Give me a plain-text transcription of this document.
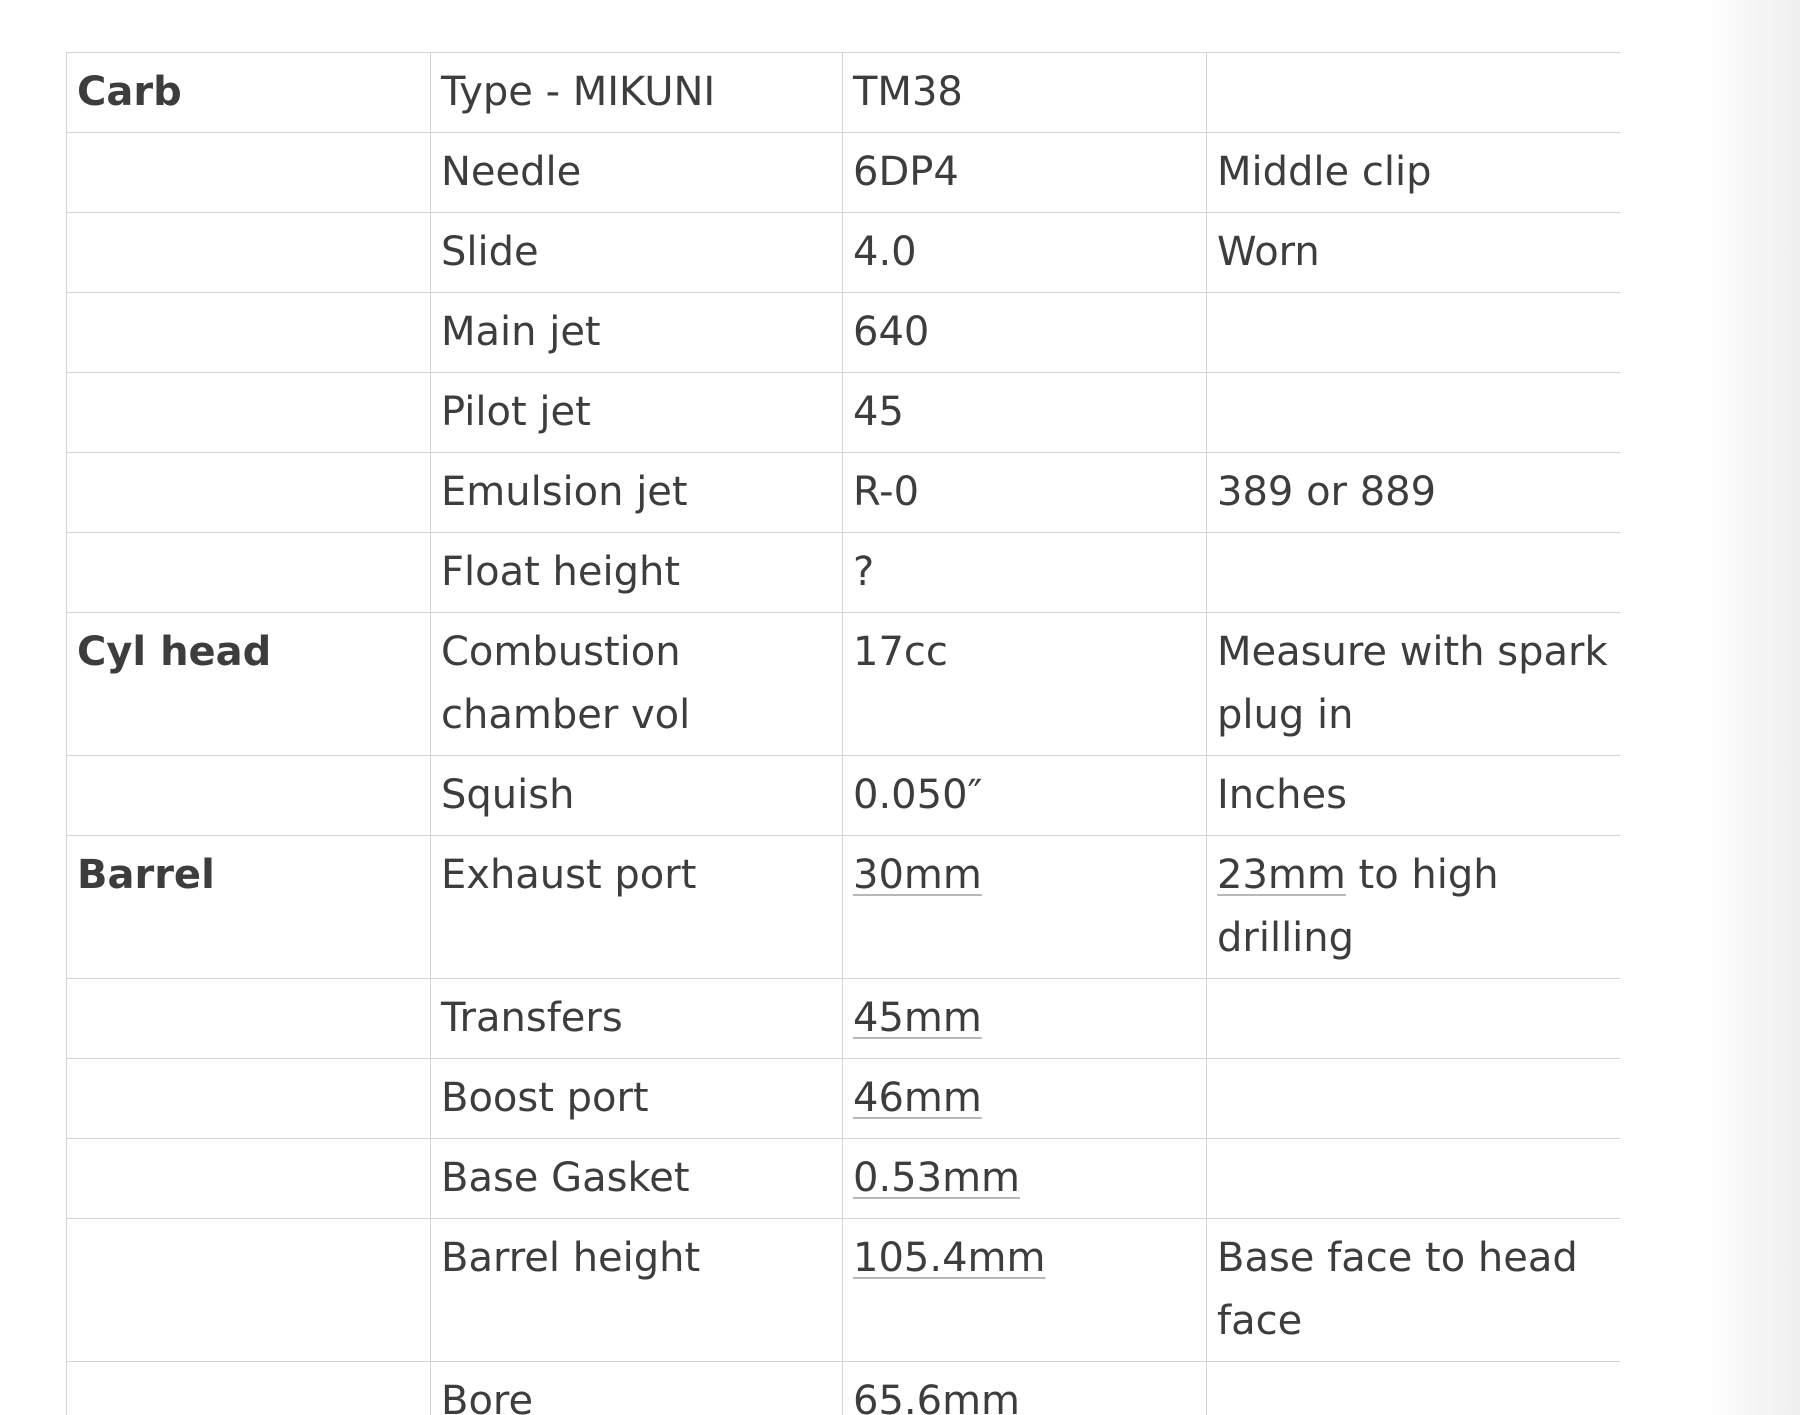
Carb	Type - MIKUNI	TM38	
	Needle	6DP4	Middle clip
	Slide	4.0	Worn
	Main jet	640	
	Pilot jet	45	
	Emulsion jet	R-0	389 or 889
	Float height	?	
Cyl head	Combustion chamber vol	17cc	Measure with spark plug in
	Squish	0.050″	Inches
Barrel	Exhaust port	30mm	23mm to high drilling
	Transfers	45mm	
	Boost port	46mm	
	Base Gasket	0.53mm	
	Barrel height	105.4mm	Base face to head face
	Bore	65.6mm	
